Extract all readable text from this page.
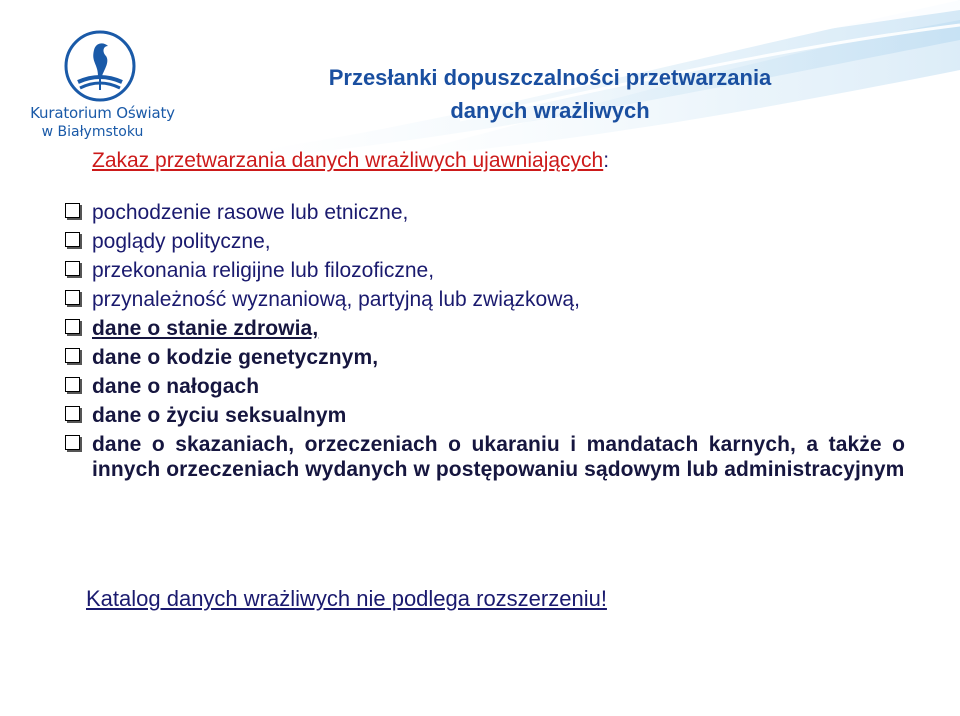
Kuratorium Oświaty
w Białymstoku
Przesłanki dopuszczalności przetwarzania
danych wrażliwych
Zakaz przetwarzania danych wrażliwych ujawniających:
pochodzenie rasowe lub etniczne,
poglądy polityczne,
przekonania religijne lub filozoficzne,
przynależność wyznaniową, partyjną lub związkową,
dane o stanie zdrowia,
dane o kodzie genetycznym,
dane o nałogach
dane o życiu seksualnym
dane o skazaniach, orzeczeniach o ukaraniu i mandatach karnych, a także o innych orzeczeniach wydanych w postępowaniu sądowym lub administracyjnym
Katalog danych wrażliwych nie podlega rozszerzeniu!
